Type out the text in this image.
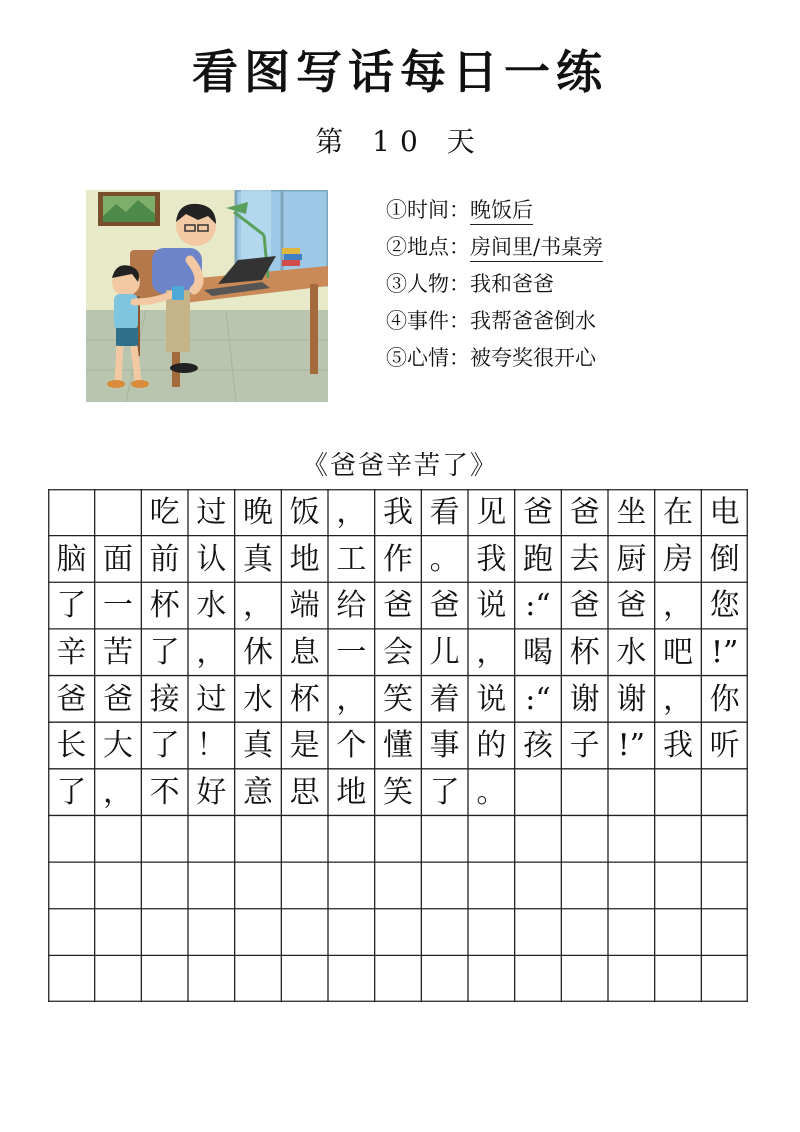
看图写话每日一练
第 10 天
①时间：晚饭后
②地点：房间里/书桌旁
③人物：我和爸爸
④事件：我帮爸爸倒水
⑤心情：被夸奖很开心
《爸爸辛苦了》
吃 过 晚 饭 ， 我 看 见 爸 爸 坐 在 电
脑 面 前 认 真 地 工 作 。 我 跑 去 厨 房 倒
了 一 杯 水 ， 端 给 爸 爸 说 :“ 爸 爸 ， 您
辛 苦 了 ， 休 息 一 会 儿 ， 喝 杯 水 吧 !”
爸 爸 接 过 水 杯 ， 笑 着 说 :“ 谢 谢 ， 你
长 大 了 ！ 真 是 个 懂 事 的 孩 子 !” 我 听
了 ， 不 好 意 思 地 笑 了 。
